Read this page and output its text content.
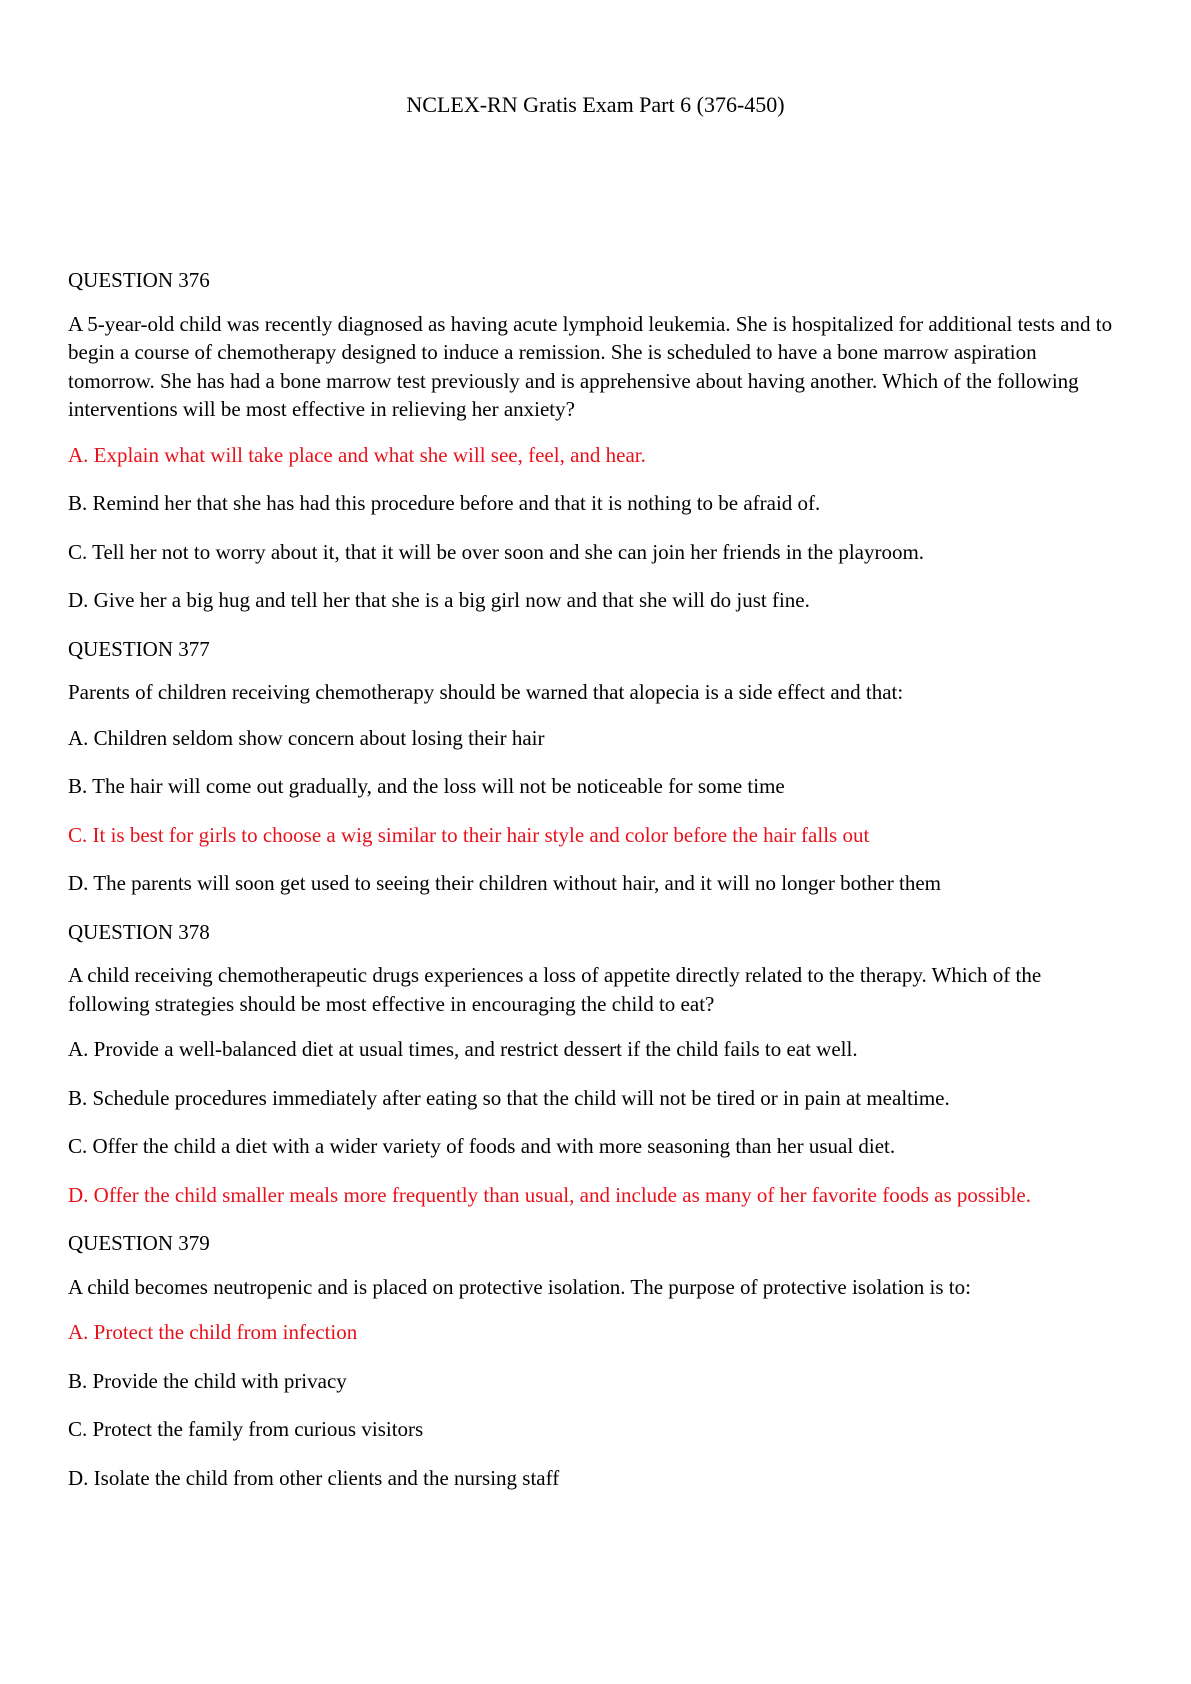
NCLEX-RN Gratis Exam Part 6 (376-450)

QUESTION 376

A 5-year-old child was recently diagnosed as having acute lymphoid leukemia. She is hospitalized for additional tests and to begin a course of chemotherapy designed to induce a remission. She is scheduled to have a bone marrow aspiration tomorrow. She has had a bone marrow test previously and is apprehensive about having another. Which of the following interventions will be most effective in relieving her anxiety?

A. Explain what will take place and what she will see, feel, and hear.
B. Remind her that she has had this procedure before and that it is nothing to be afraid of.
C. Tell her not to worry about it, that it will be over soon and she can join her friends in the playroom.
D. Give her a big hug and tell her that she is a big girl now and that she will do just fine.

QUESTION 377

Parents of children receiving chemotherapy should be warned that alopecia is a side effect and that:

A. Children seldom show concern about losing their hair
B. The hair will come out gradually, and the loss will not be noticeable for some time
C. It is best for girls to choose a wig similar to their hair style and color before the hair falls out
D. The parents will soon get used to seeing their children without hair, and it will no longer bother them

QUESTION 378

A child receiving chemotherapeutic drugs experiences a loss of appetite directly related to the therapy. Which of the following strategies should be most effective in encouraging the child to eat?

A. Provide a well-balanced diet at usual times, and restrict dessert if the child fails to eat well.
B. Schedule procedures immediately after eating so that the child will not be tired or in pain at mealtime.
C. Offer the child a diet with a wider variety of foods and with more seasoning than her usual diet.
D. Offer the child smaller meals more frequently than usual, and include as many of her favorite foods as possible.

QUESTION 379

A child becomes neutropenic and is placed on protective isolation. The purpose of protective isolation is to:

A. Protect the child from infection
B. Provide the child with privacy
C. Protect the family from curious visitors
D. Isolate the child from other clients and the nursing staff
